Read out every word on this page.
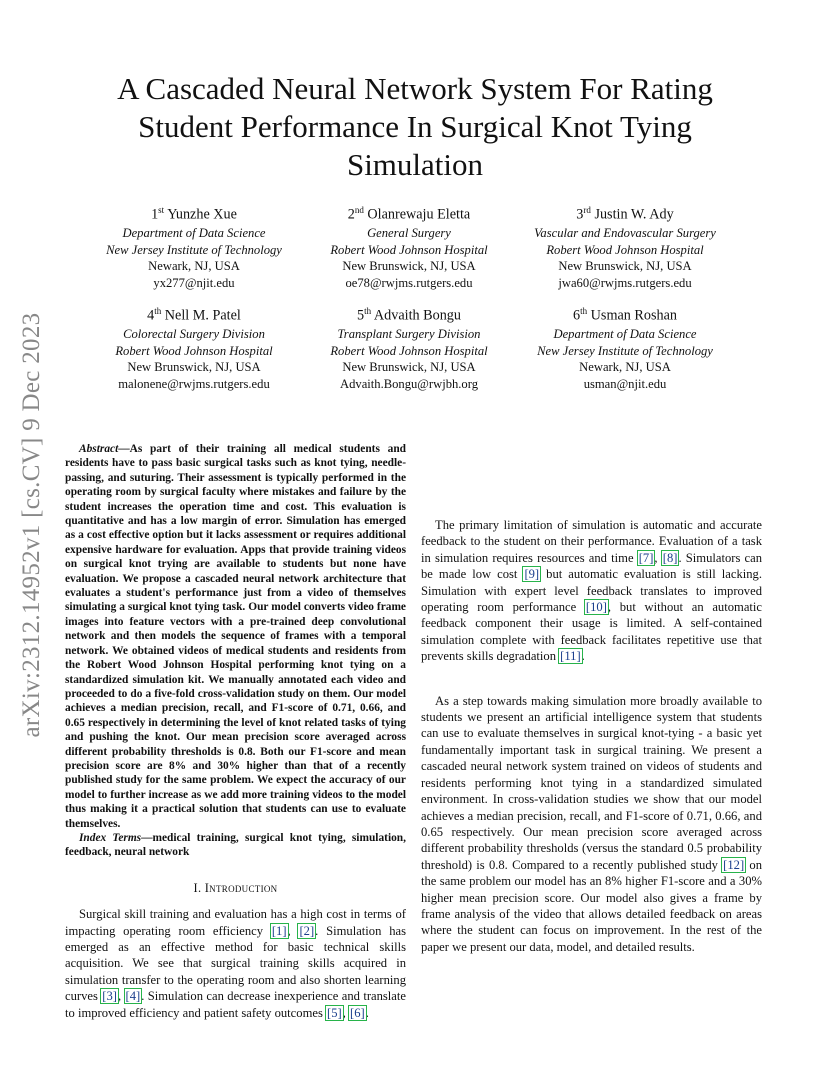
arXiv:2312.14952v1 [cs.CV] 9 Dec 2023
A Cascaded Neural Network System For Rating Student Performance In Surgical Knot Tying Simulation
1st Yunzhe Xue
Department of Data Science
New Jersey Institute of Technology
Newark, NJ, USA
yx277@njit.edu
2nd Olanrewaju Eletta
General Surgery
Robert Wood Johnson Hospital
New Brunswick, NJ, USA
oe78@rwjms.rutgers.edu
3rd Justin W. Ady
Vascular and Endovascular Surgery
Robert Wood Johnson Hospital
New Brunswick, NJ, USA
jwa60@rwjms.rutgers.edu
4th Nell M. Patel
Colorectal Surgery Division
Robert Wood Johnson Hospital
New Brunswick, NJ, USA
malonene@rwjms.rutgers.edu
5th Advaith Bongu
Transplant Surgery Division
Robert Wood Johnson Hospital
New Brunswick, NJ, USA
Advaith.Bongu@rwjbh.org
6th Usman Roshan
Department of Data Science
New Jersey Institute of Technology
Newark, NJ, USA
usman@njit.edu

Abstract—As part of their training all medical students and residents have to pass basic surgical tasks such as knot tying, needle-passing, and suturing. Their assessment is typically performed in the operating room by surgical faculty where mistakes and failure by the student increases the operation time and cost. This evaluation is quantitative and has a low margin of error. Simulation has emerged as a cost effective option but it lacks assessment or requires additional expensive hardware for evaluation. Apps that provide training videos on surgical knot trying are available to students but none have evaluation. We propose a cascaded neural network architecture that evaluates a student's performance just from a video of themselves simulating a surgical knot tying task. Our model converts video frame images into feature vectors with a pre-trained deep convolutional network and then models the sequence of frames with a temporal network. We obtained videos of medical students and residents from the Robert Wood Johnson Hospital performing knot tying on a standardized simulation kit. We manually annotated each video and proceeded to do a five-fold cross-validation study on them. Our model achieves a median precision, recall, and F1-score of 0.71, 0.66, and 0.65 respectively in determining the level of knot related tasks of tying and pushing the knot. Our mean precision score averaged across different probability thresholds is 0.8. Both our F1-score and mean precision score are 8% and 30% higher than that of a recently published study for the same problem. We expect the accuracy of our model to further increase as we add more training videos to the model thus making it a practical solution that students can use to evaluate themselves.

Index Terms—medical training, surgical knot tying, simulation, feedback, neural network

I. Introduction

Surgical skill training and evaluation has a high cost in terms of impacting operating room efficiency [1], [2]. Simulation has emerged as an effective method for basic technical skills acquisition. We see that surgical training skills acquired in simulation transfer to the operating room and also shorten learning curves [3], [4]. Simulation can decrease inexperience and translate to improved efficiency and patient safety outcomes [5], [6].

The primary limitation of simulation is automatic and accurate feedback to the student on their performance. Evaluation of a task in simulation requires resources and time [7], [8]. Simulators can be made low cost [9] but automatic evaluation is still lacking. Simulation with expert level feedback translates to improved operating room performance [10], but without an automatic feedback component their usage is limited. A self-contained simulation complete with feedback facilitates repetitive use that prevents skills degradation [11].

As a step towards making simulation more broadly available to students we present an artificial intelligence system that students can use to evaluate themselves in surgical knot-tying - a basic yet fundamentally important task in surgical training. We present a cascaded neural network system trained on videos of students and residents performing knot tying in a standardized simulated environment. In cross-validation studies we show that our model achieves a median precision, recall, and F1-score of 0.71, 0.66, and 0.65 respectively. Our mean precision score averaged across different probability thresholds (versus the standard 0.5 probability threshold) is 0.8. Compared to a recently published study [12] on the same problem our model has an 8% higher F1-score and a 30% higher mean precision score. Our model also gives a frame by frame analysis of the video that allows detailed feedback on areas where the student can focus on improvement. In the rest of the paper we present our data, model, and detailed results.
